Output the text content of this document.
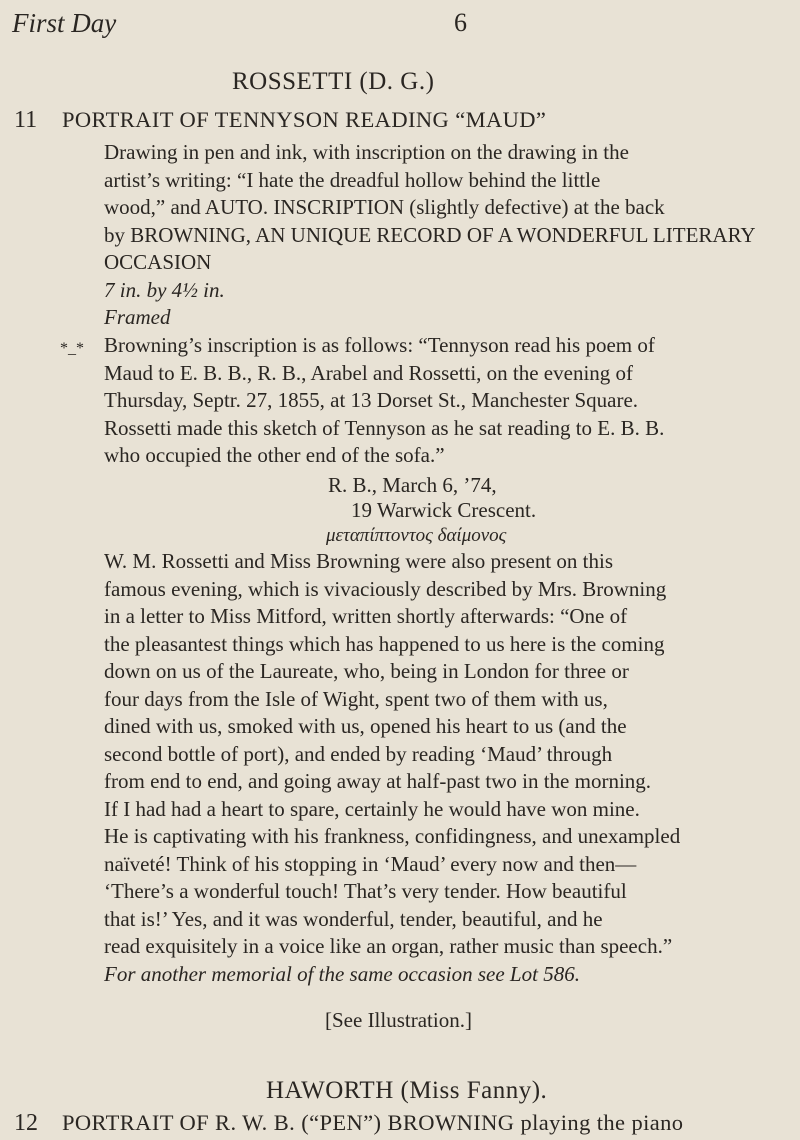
First Day	6
ROSSETTI (D. G.)
11 PORTRAIT OF TENNYSON READING “MAUD”
Drawing in pen and ink, with inscription on the drawing in the
artist’s writing: “I hate the dreadful hollow behind the little
wood,” and AUTO. INSCRIPTION (slightly defective) at the back
by BROWNING, AN UNIQUE RECORD OF A WONDERFUL LITERARY
OCCASION
7 in. by 4½ in.
Framed
*_* Browning’s inscription is as follows: “Tennyson read his poem of
Maud to E. B. B., R. B., Arabel and Rossetti, on the evening of
Thursday, Septr. 27, 1855, at 13 Dorset St., Manchester Square.
Rossetti made this sketch of Tennyson as he sat reading to E. B. B.
who occupied the other end of the sofa.”
R. B., March 6, ’74,
19 Warwick Crescent.
μεταπίπτοντος δαίμονος
W. M. Rossetti and Miss Browning were also present on this
famous evening, which is vivaciously described by Mrs. Browning
in a letter to Miss Mitford, written shortly afterwards: “One of
the pleasantest things which has happened to us here is the coming
down on us of the Laureate, who, being in London for three or
four days from the Isle of Wight, spent two of them with us,
dined with us, smoked with us, opened his heart to us (and the
second bottle of port), and ended by reading ‘Maud’ through
from end to end, and going away at half-past two in the morning.
If I had had a heart to spare, certainly he would have won mine.
He is captivating with his frankness, confidingness, and unexampled
naïveté! Think of his stopping in ‘Maud’ every now and then—
‘There’s a wonderful touch! That’s very tender. How beautiful
that is!’ Yes, and it was wonderful, tender, beautiful, and he
read exquisitely in a voice like an organ, rather music than speech.”
For another memorial of the same occasion see Lot 586.
[See Illustration.]
HAWORTH (Miss Fanny).
12 PORTRAIT OF R. W. B. (“PEN”) BROWNING playing the piano
